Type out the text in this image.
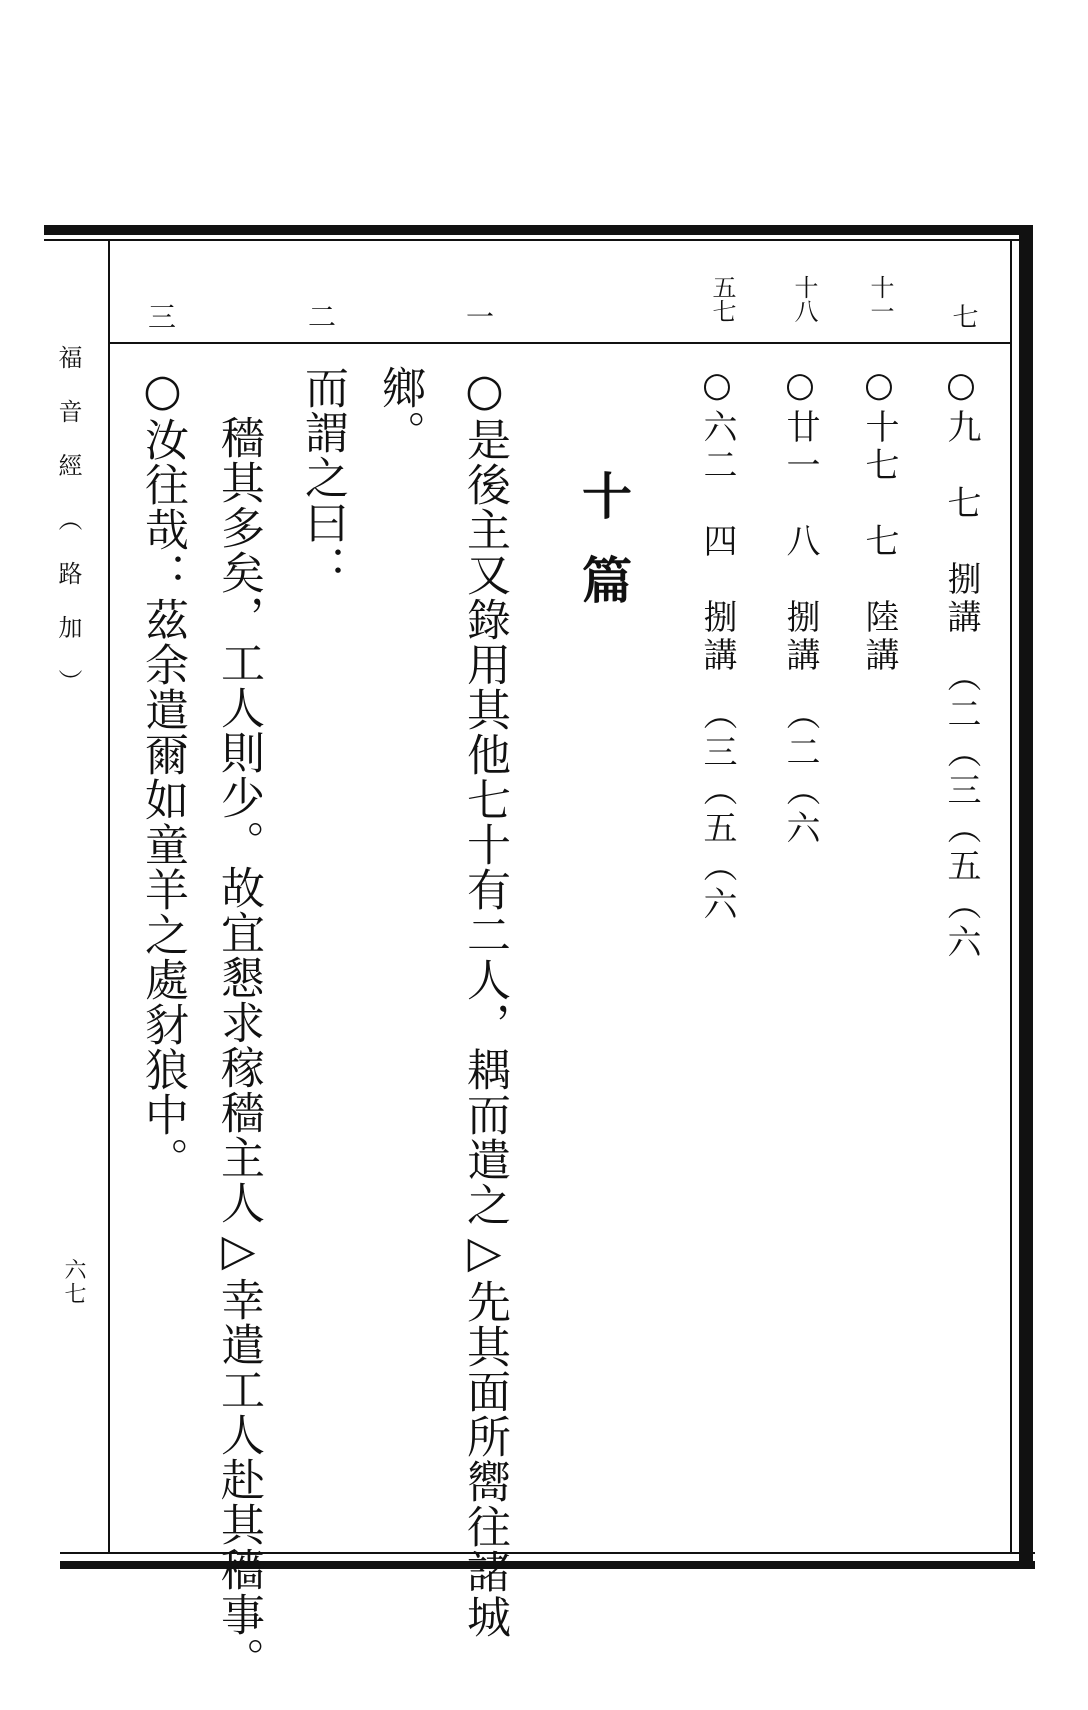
福音經（路加）
六七
七
十一
十八
五七
一
二
三
○九　七　捌講　（二（三（五（六
○十七　七　陸講
○廿一　八　捌講　（二（六
○六二　四　捌講　（三（五（六
十篇
○是後主又錄用其他七十有二人，耦而遣之▷先其面所嚮往諸城
鄉。
而謂之曰：
穡其多矣，工人則少。故宜懇求稼穡主人▷幸遣工人赴其穡事。
○汝往哉：茲余遣爾如童羊之處豺狼中。
